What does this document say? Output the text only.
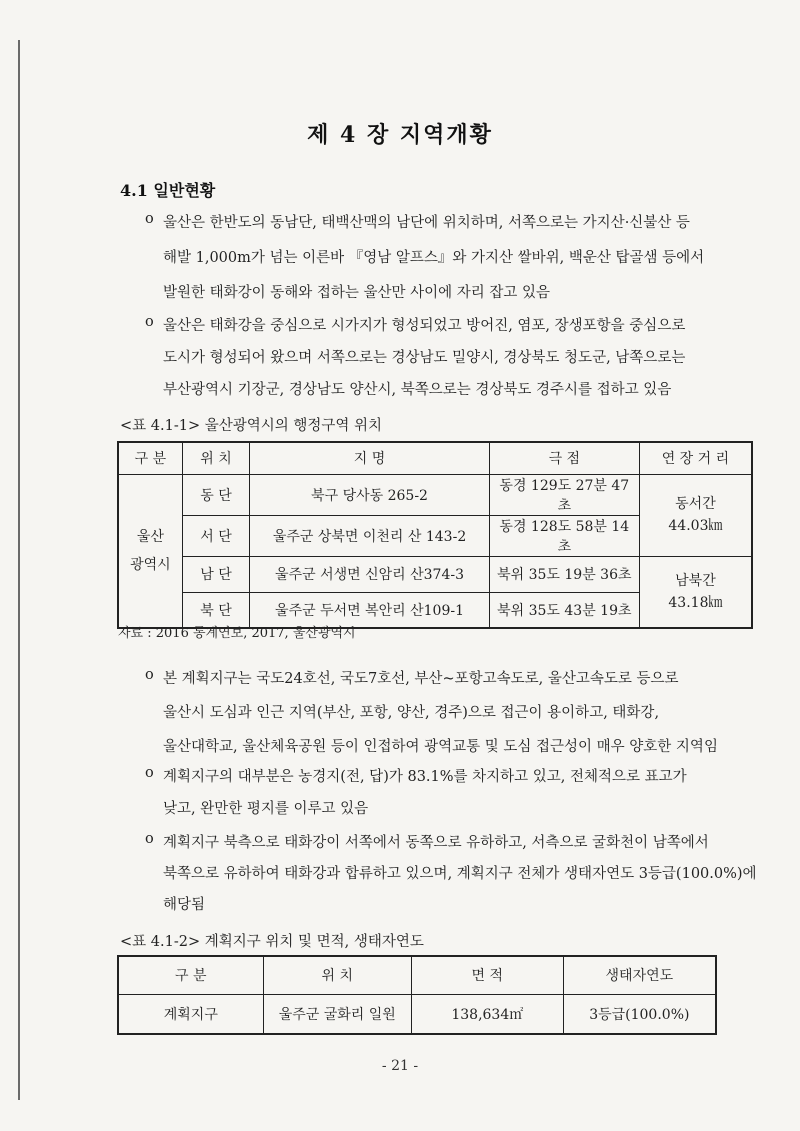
제 4 장 지역개황
4.1 일반현황
o 울산은 한반도의 동남단, 태백산맥의 남단에 위치하며, 서쪽으로는 가지산·신불산 등
해발 1,000m가 넘는 이른바 『영남 알프스』와 가지산 쌀바위, 백운산 탑골샘 등에서
발원한 태화강이 동해와 접하는 울산만 사이에 자리 잡고 있음
o 울산은 태화강을 중심으로 시가지가 형성되었고 방어진, 염포, 장생포항을 중심으로
도시가 형성되어 왔으며 서쪽으로는 경상남도 밀양시, 경상북도 청도군, 남쪽으로는
부산광역시 기장군, 경상남도 양산시, 북쪽으로는 경상북도 경주시를 접하고 있음
<표 4.1-1> 울산광역시의 행정구역 위치
구 분	위 치	지 명	극 점	연 장 거 리
울산
광역시	동 단	북구 당사동 265-2	동경 129도 27분 47초	동서간
44.03㎞
	서 단	울주군 상북면 이천리 산 143-2	동경 128도 58분 14초	
	남 단	울주군 서생면 신암리 산374-3	북위 35도 19분 36초	남북간
43.18㎞
	북 단	울주군 두서면 복안리 산109-1	북위 35도 43분 19초	
자료 : 2016 통계연보, 2017, 울산광역시
o 본 계획지구는 국도24호선, 국도7호선, 부산~포항고속도로, 울산고속도로 등으로
울산시 도심과 인근 지역(부산, 포항, 양산, 경주)으로 접근이 용이하고, 태화강,
울산대학교, 울산체육공원 등이 인접하여 광역교통 및 도심 접근성이 매우 양호한 지역임
o 계획지구의 대부분은 농경지(전, 답)가 83.1%를 차지하고 있고, 전체적으로 표고가
낮고, 완만한 평지를 이루고 있음
o 계획지구 북측으로 태화강이 서쪽에서 동쪽으로 유하하고, 서측으로 굴화천이 남쪽에서
북쪽으로 유하하여 태화강과 합류하고 있으며, 계획지구 전체가 생태자연도 3등급(100.0%)에
해당됨
<표 4.1-2> 계획지구 위치 및 면적, 생태자연도
구 분	위 치	면 적	생태자연도
계획지구	울주군 굴화리 일원	138,634㎡	3등급(100.0%)
- 21 -
